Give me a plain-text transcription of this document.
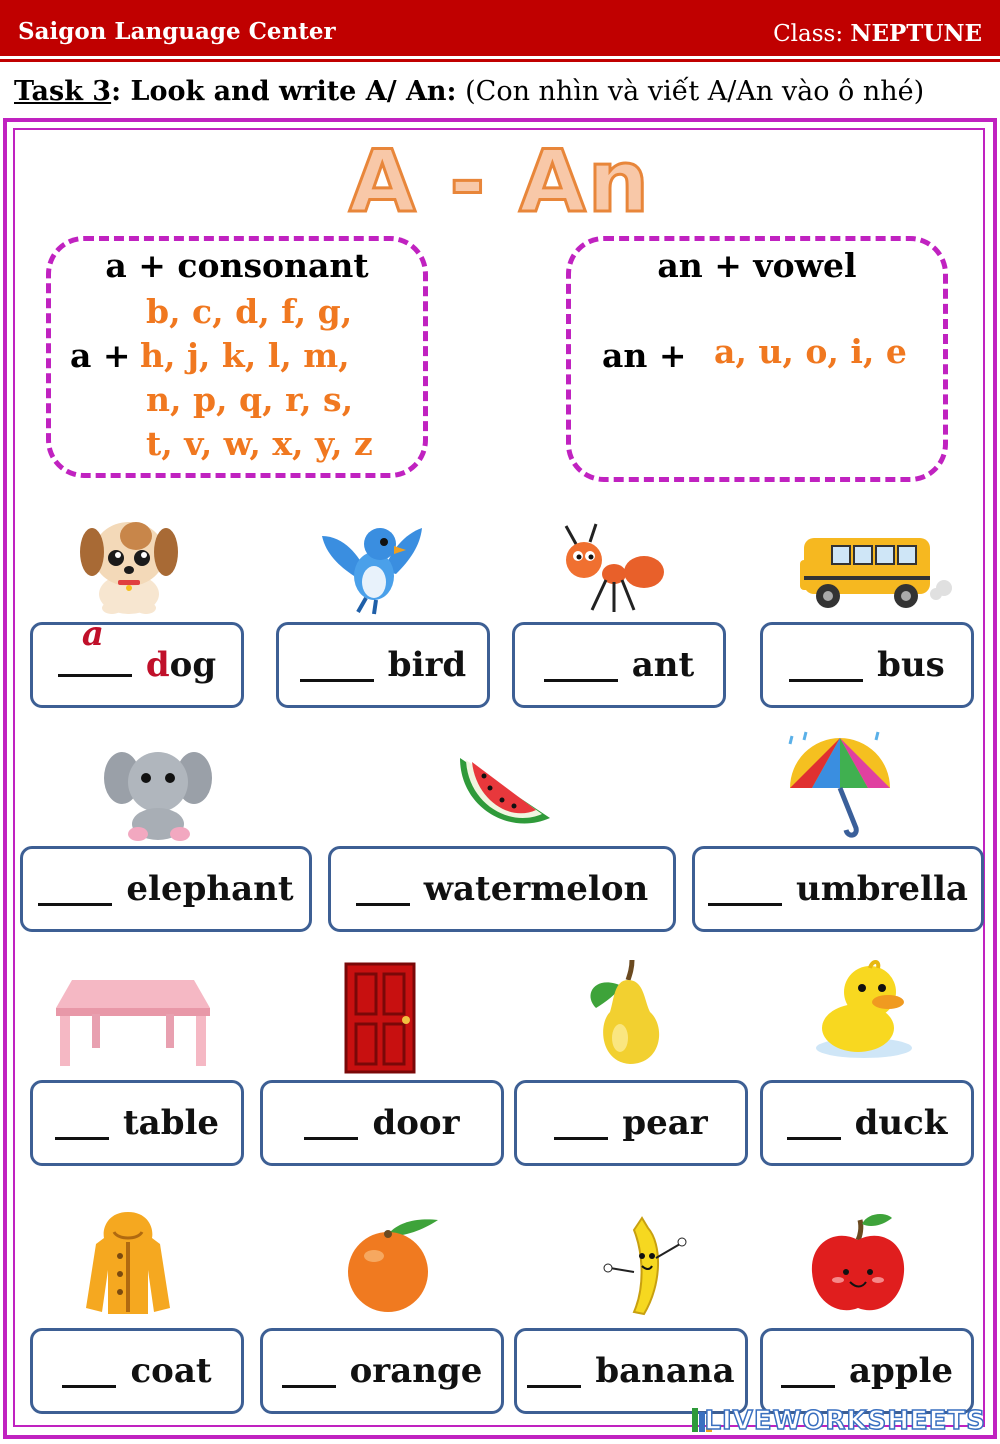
Saigon Language Center	Class: NEPTUNE
Task 3: Look and write A/ An: (Con nhìn và viết A/An vào ô nhé)
A - An
a + consonant
b, c, d, f, g,
a + h, j, k, l, m,
n, p, q, r, s,
t, v, w, x, y, z
an + vowel
an + a, u, o, i, e
a
d og	bird	ant	bus
elephant	watermelon	umbrella
table	door	pear	duck
coat	orange	banana	apple
LIVEWORKSHEETS
